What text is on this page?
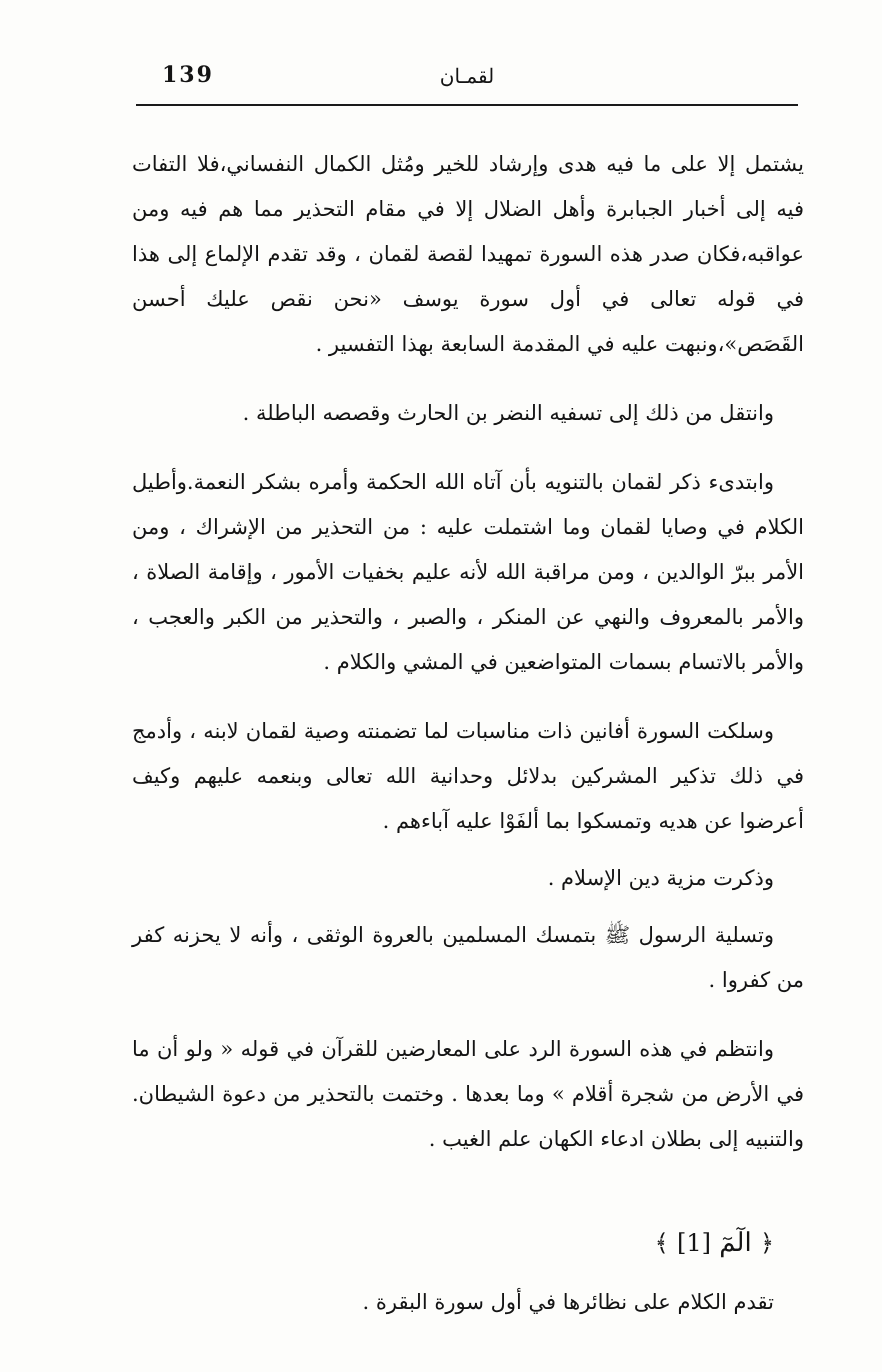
139	لقمـان

يشتمل إلا على ما فيه هدى وإرشاد للخير ومُثل الكمال النفساني،فلا التفات فيه إلى أخبار الجبابرة وأهل الضلال إلا في مقام التحذير مما هم فيه ومن عواقبه،فكان صدر هذه السورة تمهيدا لقصة لقمان ، وقد تقدم الإلماع إلى هذا في قوله تعالى في أول سورة يوسف «نحن نقص عليك أحسن القَصَص»،ونبهت عليه في المقدمة السابعة بهذا التفسير .

وانتقل من ذلك إلى تسفيه النضر بن الحارث وقصصه الباطلة .

وابتدىء ذكر لقمان بالتنويه بأن آتاه الله الحكمة وأمره بشكر النعمة.وأطيل الكلام في وصايا لقمان وما اشتملت عليه : من التحذير من الإشراك ، ومن الأمر ببرّ الوالدين ، ومن مراقبة الله لأنه عليم بخفيات الأمور ، وإقامة الصلاة ، والأمر بالمعروف والنهي عن المنكر ، والصبر ، والتحذير من الكبر والعجب ، والأمر بالاتسام بسمات المتواضعين في المشي والكلام .

وسلكت السورة أفانين ذات مناسبات لما تضمنته وصية لقمان لابنه ، وأدمج في ذلك تذكير المشركين بدلائل وحدانية الله تعالى وبنعمه عليهم وكيف أعرضوا عن هديه وتمسكوا بما ألفَوْا عليه آباءهم .

وذكرت مزية دين الإسلام .

وتسلية الرسول ﷺ بتمسك المسلمين بالعروة الوثقى ، وأنه لا يحزنه كفر من كفروا .

وانتظم في هذه السورة الرد على المعارضين للقرآن في قوله « ولو أن ما في الأرض من شجرة أقلام » وما بعدها . وختمت بالتحذير من دعوة الشيطان. والتنبيه إلى بطلان ادعاء الكهان علم الغيب .

﴿ الٓمٓ [1] ﴾

تقدم الكلام على نظائرها في أول سورة البقرة .
